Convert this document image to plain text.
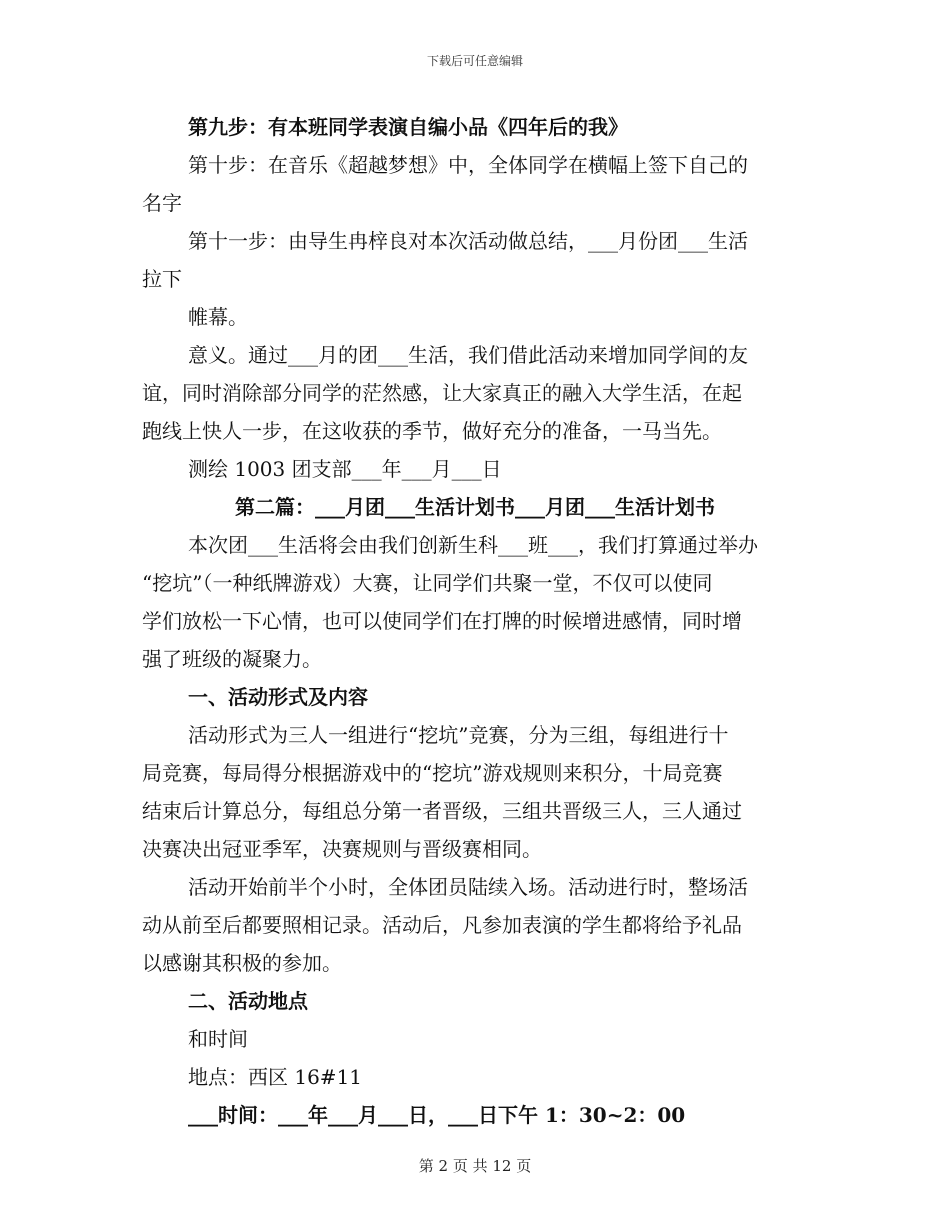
下载后可任意编辑
第九步：有本班同学表演自编小品《四年后的我》
第十步：在音乐《超越梦想》中，全体同学在横幅上签下自己的
名字
第十一步：由导生冉梓良对本次活动做总结，___月份团___生活
拉下
帷幕。
意义。通过___月的团___生活，我们借此活动来增加同学间的友
谊，同时消除部分同学的茫然感，让大家真正的融入大学生活，在起
跑线上快人一步，在这收获的季节，做好充分的准备，一马当先。
测绘 1003 团支部___年___月___日
第二篇：___月团___生活计划书___月团___生活计划书
本次团___生活将会由我们创新生科___班___，我们打算通过举办
“挖坑”（一种纸牌游戏）大赛，让同学们共聚一堂，不仅可以使同
学们放松一下心情，也可以使同学们在打牌的时候增进感情，同时增
强了班级的凝聚力。
一、活动形式及内容
活动形式为三人一组进行“挖坑”竞赛，分为三组，每组进行十
局竞赛，每局得分根据游戏中的“挖坑”游戏规则来积分，十局竞赛
结束后计算总分，每组总分第一者晋级，三组共晋级三人，三人通过
决赛决出冠亚季军，决赛规则与晋级赛相同。
活动开始前半个小时，全体团员陆续入场。活动进行时，整场活
动从前至后都要照相记录。活动后，凡参加表演的学生都将给予礼品
以感谢其积极的参加。
二、活动地点
和时间
地点：西区 16#11
___时间：___年___月___日，___日下午 1：30~2：00
第 2 页 共 12 页
